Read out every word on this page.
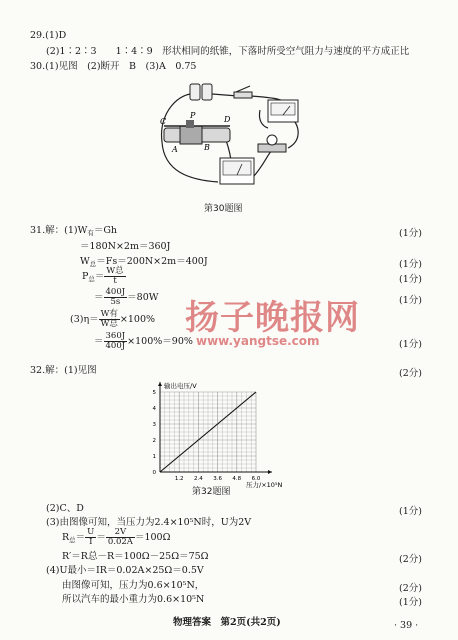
29.(1)D
(2)1∶2∶3　　1∶4∶9　形状相同的纸锥，下落时所受空气阻力与速度的平方成正比
30.(1)见图　(2)断开　B　(3)A　0.75
C
P	D
A	B
第30题图
31.解：$(1)W_有=Gh$	(1分)
＝180N×2m＝360J
$W_总=Fs=200N\times 2m=400J$	(1分)
$P_总= \frac{\text{W总}}{t}$	(1分)
＝ $\frac{400J}{5s} =80W$	(1分)
$(3)\eta= \frac{\text{W有}}{\text{W总}} \times 100\%$
＝ $\frac{360J}{400J} \times 100\%=90\%$	(1分)
扬子晚报网
www.yangtse.com
32.解：(1)见图	(2分)
1.2 2.4 3.6 4.8 6.0
0
1
2
3
4
5
输出电压/V
压力/×10⁵N
第32题图
(2)C、D	(1分)
(3)由图像可知，当压力为2.4×10⁵N时，U为2V
$R_总= \frac{U}{I} = \frac{2V}{0.02A} =100\Omega$
R′＝R总－R＝100Ω－25Ω＝75Ω	(2分)
(4)U最小＝IR＝0.02A×25Ω＝0.5V
由图像可知，压力为0.6×10⁵N，	(2分)
所以汽车的最小重力为0.6×10⁵N	(1分)
物理答案　第2页(共2页)	· 39 ·
